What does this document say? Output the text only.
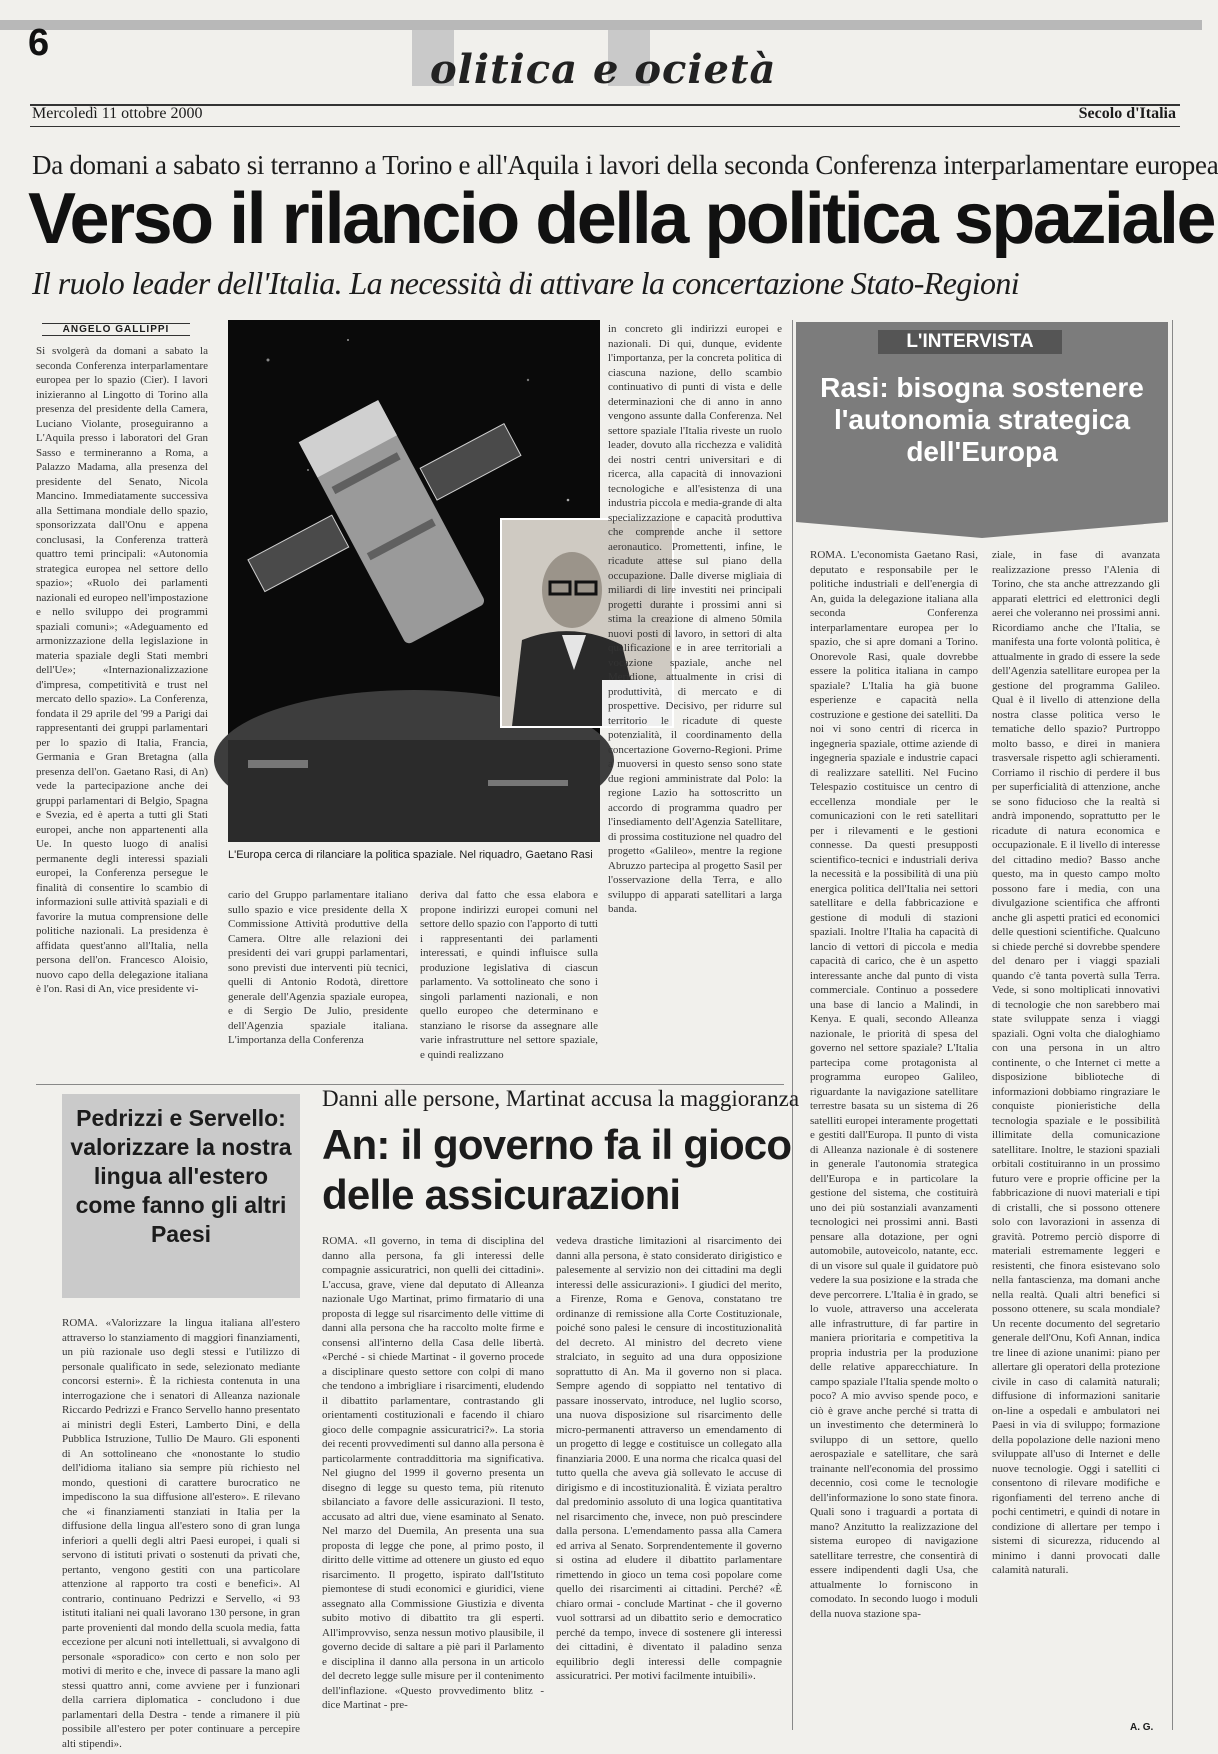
6
olitica e ocietà
Mercoledì 11 ottobre 2000	Secolo d'Italia
Da domani a sabato si terranno a Torino e all'Aquila i lavori della seconda Conferenza interparlamentare europea
Verso il rilancio della politica spaziale
Il ruolo leader dell'Italia. La necessità di attivare la concertazione Stato-Regioni
ANGELO GALLIPPI
Si svolgerà da domani a sabato la seconda Conferenza interparlamentare europea per lo spazio (Cier). I lavori inizieranno al Lingotto di Torino alla presenza del presidente della Camera, Luciano Violante, proseguiranno a L'Aquila presso i laboratori del Gran Sasso e termineranno a Roma, a Palazzo Madama, alla presenza del presidente del Senato, Nicola Mancino. Immediatamente successiva alla Settimana mondiale dello spazio, sponsorizzata dall'Onu e appena conclusasi, la Conferenza tratterà quattro temi principali: «Autonomia strategica europea nel settore dello spazio»; «Ruolo dei parlamenti nazionali ed europeo nell'impostazione e nello sviluppo dei programmi spaziali comuni»; «Adeguamento ed armonizzazione della legislazione in materia spaziale degli Stati membri dell'Ue»; «Internazionalizzazione d'impresa, competitività e trust nel mercato dello spazio». La Conferenza, fondata il 29 aprile del '99 a Parigi dai rappresentanti dei gruppi parlamentari per lo spazio di Italia, Francia, Germania e Gran Bretagna (alla presenza dell'on. Gaetano Rasi, di An) vede la partecipazione anche dei gruppi parlamentari di Belgio, Spagna e Svezia, ed è aperta a tutti gli Stati europei, anche non appartenenti alla Ue. In questo luogo di analisi permanente degli interessi spaziali europei, la Conferenza persegue le finalità di consentire lo scambio di informazioni sulle attività spaziali e di favorire la mutua comprensione delle politiche nazionali. La presidenza è affidata quest'anno all'Italia, nella persona dell'on. Francesco Aloisio, nuovo capo della delegazione italiana è l'on. Rasi di An, vice presidente vi-
L'Europa cerca di rilanciare la politica spaziale. Nel riquadro, Gaetano Rasi
cario del Gruppo parlamentare italiano sullo spazio e vice presidente della X Commissione Attività produttive della Camera. Oltre alle relazioni dei presidenti dei vari gruppi parlamentari, sono previsti due interventi più tecnici, quelli di Antonio Rodotà, direttore generale dell'Agenzia spaziale europea, e di Sergio De Julio, presidente dell'Agenzia spaziale italiana. L'importanza della Conferenza
deriva dal fatto che essa elabora e propone indirizzi europei comuni nel settore dello spazio con l'apporto di tutti i rappresentanti dei parlamenti interessati, e quindi influisce sulla produzione legislativa di ciascun parlamento. Va sottolineato che sono i singoli parlamenti nazionali, e non quello europeo che determinano e stanziano le risorse da assegnare alle varie infrastrutture nel settore spaziale, e quindi realizzano
in concreto gli indirizzi europei e nazionali. Di qui, dunque, evidente l'importanza, per la concreta politica di ciascuna nazione, dello scambio continuativo di punti di vista e delle determinazioni che di anno in anno vengono assunte dalla Conferenza. Nel settore spaziale l'Italia riveste un ruolo leader, dovuto alla ricchezza e validità dei nostri centri universitari e di ricerca, alla capacità di innovazioni tecnologiche e all'esistenza di una industria piccola e media-grande di alta specializzazione e capacità produttiva che comprende anche il settore aeronautico. Promettenti, infine, le ricadute attese sul piano della occupazione. Dalle diverse migliaia di miliardi di lire investiti nei principali progetti durante i prossimi anni si stima la creazione di almeno 50mila nuovi posti di lavoro, in settori di alta qualificazione e in aree territoriali a vocazione spaziale, anche nel Meridione, attualmente in crisi di produttività, di mercato e di prospettive. Decisivo, per ridurre sul territorio le ricadute di queste potenzialità, il coordinamento della concertazione Governo-Regioni. Prime a muoversi in questo senso sono state due regioni amministrate dal Polo: la regione Lazio ha sottoscritto un accordo di programma quadro per l'insediamento dell'Agenzia Satellitare, di prossima costituzione nel quadro del progetto «Galileo», mentre la regione Abruzzo partecipa al progetto Sasil per l'osservazione della Terra, e allo sviluppo di apparati satellitari a larga banda.
L'INTERVISTA
Rasi: bisogna sostenere l'autonomia strategica dell'Europa
ROMA. L'economista Gaetano Rasi, deputato e responsabile per le politiche industriali e dell'energia di An, guida la delegazione italiana alla seconda Conferenza interparlamentare europea per lo spazio, che si apre domani a Torino. Onorevole Rasi, quale dovrebbe essere la politica italiana in campo spaziale? L'Italia ha già buone esperienze e capacità nella costruzione e gestione dei satelliti. Da noi vi sono centri di ricerca in ingegneria spaziale, ottime aziende di ingegneria spaziale e industrie capaci di realizzare satelliti. Nel Fucino Telespazio costituisce un centro di eccellenza mondiale per le comunicazioni con le reti satellitari per i rilevamenti e le gestioni connesse. Da questi presupposti scientifico-tecnici e industriali deriva la necessità e la possibilità di una più energica politica dell'Italia nei settori satellitare e della fabbricazione e gestione di moduli di stazioni spaziali. Inoltre l'Italia ha capacità di lancio di vettori di piccola e media capacità di carico, che è un aspetto interessante anche dal punto di vista commerciale. Continuo a possedere una base di lancio a Malindi, in Kenya. E quali, secondo Alleanza nazionale, le priorità di spesa del governo nel settore spaziale? L'Italia partecipa come protagonista al programma europeo Galileo, riguardante la navigazione satellitare terrestre basata su un sistema di 26 satelliti europei interamente progettati e gestiti dall'Europa. Il punto di vista di Alleanza nazionale è di sostenere in generale l'autonomia strategica dell'Europa e in particolare la gestione del sistema, che costituirà uno dei più sostanziali avanzamenti tecnologici nei prossimi anni. Basti pensare alla dotazione, per ogni automobile, autoveicolo, natante, ecc. di un visore sul quale il guidatore può vedere la sua posizione e la strada che deve percorrere. L'Italia è in grado, se lo vuole, attraverso una accelerata alle infrastrutture, di far partire in maniera prioritaria e competitiva la propria industria per la produzione delle relative apparecchiature. In campo spaziale l'Italia spende molto o poco? A mio avviso spende poco, e ciò è grave anche perché si tratta di un investimento che determinerà lo sviluppo di un settore, quello aerospaziale e satellitare, che sarà trainante nell'economia del prossimo decennio, così come le tecnologie dell'informazione lo sono state finora. Quali sono i traguardi a portata di mano? Anzitutto la realizzazione del sistema europeo di navigazione satellitare terrestre, che consentirà di essere indipendenti dagli Usa, che attualmente lo forniscono in comodato. In secondo luogo i moduli della nuova stazione spa-
ziale, in fase di avanzata realizzazione presso l'Alenia di Torino, che sta anche attrezzando gli apparati elettrici ed elettronici degli aerei che voleranno nei prossimi anni. Ricordiamo anche che l'Italia, se manifesta una forte volontà politica, è attualmente in grado di essere la sede dell'Agenzia satellitare europea per la gestione del programma Galileo. Qual è il livello di attenzione della nostra classe politica verso le tematiche dello spazio? Purtroppo molto basso, e direi in maniera trasversale rispetto agli schieramenti. Corriamo il rischio di perdere il bus per superficialità di attenzione, anche se sono fiducioso che la realtà si andrà imponendo, soprattutto per le ricadute di natura economica e occupazionale. E il livello di interesse del cittadino medio? Basso anche questo, ma in questo campo molto possono fare i media, con una divulgazione scientifica che affronti anche gli aspetti pratici ed economici delle questioni scientifiche. Qualcuno si chiede perché si dovrebbe spendere del denaro per i viaggi spaziali quando c'è tanta povertà sulla Terra. Vede, si sono moltiplicati innovativi di tecnologie che non sarebbero mai state sviluppate senza i viaggi spaziali. Ogni volta che dialoghiamo con una persona in un altro continente, o che Internet ci mette a disposizione biblioteche di informazioni dobbiamo ringraziare le conquiste pionieristiche della tecnologia spaziale e le possibilità illimitate della comunicazione satellitare. Inoltre, le stazioni spaziali orbitali costituiranno in un prossimo futuro vere e proprie officine per la fabbricazione di nuovi materiali e tipi di cristalli, che si possono ottenere solo con lavorazioni in assenza di gravità. Potremo perciò disporre di materiali estremamente leggeri e resistenti, che finora esistevano solo nella fantascienza, ma domani anche nella realtà. Quali altri benefici si possono ottenere, su scala mondiale? Un recente documento del segretario generale dell'Onu, Kofi Annan, indica tre linee di azione unanimi: piano per allertare gli operatori della protezione civile in caso di calamità naturali; diffusione di informazioni sanitarie on-line a ospedali e ambulatori nei Paesi in via di sviluppo; formazione della popolazione delle nazioni meno sviluppate all'uso di Internet e delle nuove tecnologie. Oggi i satelliti ci consentono di rilevare modifiche e rigonfiamenti del terreno anche di pochi centimetri, e quindi di notare in condizione di allertare per tempo i sistemi di sicurezza, riducendo al minimo i danni provocati dalle calamità naturali.
A. G.
Pedrizzi e Servello: valorizzare la nostra lingua all'estero come fanno gli altri Paesi
ROMA. «Valorizzare la lingua italiana all'estero attraverso lo stanziamento di maggiori finanziamenti, un più razionale uso degli stessi e l'utilizzo di personale qualificato in sede, selezionato mediante concorsi esterni». È la richiesta contenuta in una interrogazione che i senatori di Alleanza nazionale Riccardo Pedrizzi e Franco Servello hanno presentato ai ministri degli Esteri, Lamberto Dini, e della Pubblica Istruzione, Tullio De Mauro. Gli esponenti di An sottolineano che «nonostante lo studio dell'idioma italiano sia sempre più richiesto nel mondo, questioni di carattere burocratico ne impediscono la sua diffusione all'estero». E rilevano che «i finanziamenti stanziati in Italia per la diffusione della lingua all'estero sono di gran lunga inferiori a quelli degli altri Paesi europei, i quali si servono di istituti privati o sostenuti da privati che, pertanto, vengono gestiti con una particolare attenzione al rapporto tra costi e benefici». Al contrario, continuano Pedrizzi e Servello, «i 93 istituti italiani nei quali lavorano 130 persone, in gran parte provenienti dal mondo della scuola media, fatta eccezione per alcuni noti intellettuali, si avvalgono di personale «sporadico» con certo e non solo per motivi di merito e che, invece di passare la mano agli stessi quattro anni, come avviene per i funzionari della carriera diplomatica - concludono i due parlamentari della Destra - tende a rimanere il più possibile all'estero per poter continuare a percepire alti stipendi».
Danni alle persone, Martinat accusa la maggioranza
An: il governo fa il gioco delle assicurazioni
ROMA. «Il governo, in tema di disciplina del danno alla persona, fa gli interessi delle compagnie assicuratrici, non quelli dei cittadini». L'accusa, grave, viene dal deputato di Alleanza nazionale Ugo Martinat, primo firmatario di una proposta di legge sul risarcimento delle vittime di danni alla persona che ha raccolto molte firme e consensi all'interno della Casa delle libertà. «Perché - si chiede Martinat - il governo procede a disciplinare questo settore con colpi di mano che tendono a imbrigliare i risarcimenti, eludendo il dibattito parlamentare, contrastando gli orientamenti costituzionali e facendo il chiaro gioco delle compagnie assicuratrici?». La storia dei recenti provvedimenti sul danno alla persona è particolarmente contraddittoria ma significativa. Nel giugno del 1999 il governo presenta un disegno di legge su questo tema, più ritenuto sbilanciato a favore delle assicurazioni. Il testo, accusato ad altri due, viene esaminato al Senato. Nel marzo del Duemila, An presenta una sua proposta di legge che pone, al primo posto, il diritto delle vittime ad ottenere un giusto ed equo risarcimento. Il progetto, ispirato dall'Istituto piemontese di studi economici e giuridici, viene assegnato alla Commissione Giustizia e diventa subito motivo di dibattito tra gli esperti. All'improvviso, senza nessun motivo plausibile, il governo decide di saltare a piè pari il Parlamento e disciplina il danno alla persona in un articolo del decreto legge sulle misure per il contenimento dell'inflazione. «Questo provvedimento blitz - dice Martinat - pre-
vedeva drastiche limitazioni al risarcimento dei danni alla persona, è stato considerato dirigistico e palesemente al servizio non dei cittadini ma degli interessi delle assicurazioni». I giudici del merito, a Firenze, Roma e Genova, constatano tre ordinanze di remissione alla Corte Costituzionale, poiché sono palesi le censure di incostituzionalità del decreto. Al ministro del decreto viene stralciato, in seguito ad una dura opposizione soprattutto di An. Ma il governo non si placa. Sempre agendo di soppiatto nel tentativo di passare inosservato, introduce, nel luglio scorso, una nuova disposizione sul risarcimento delle micro-permanenti attraverso un emendamento di un progetto di legge e costituisce un collegato alla finanziaria 2000. E una norma che ricalca quasi del tutto quella che aveva già sollevato le accuse di dirigismo e di incostituzionalità. È viziata peraltro dal predominio assoluto di una logica quantitativa nel risarcimento che, invece, non può prescindere dalla persona. L'emendamento passa alla Camera ed arriva al Senato. Sorprendentemente il governo si ostina ad eludere il dibattito parlamentare rimettendo in gioco un tema così popolare come quello dei risarcimenti ai cittadini. Perché? «È chiaro ormai - conclude Martinat - che il governo vuol sottrarsi ad un dibattito serio e democratico perché da tempo, invece di sostenere gli interessi dei cittadini, è diventato il paladino senza equilibrio degli interessi delle compagnie assicuratrici. Per motivi facilmente intuibili».
